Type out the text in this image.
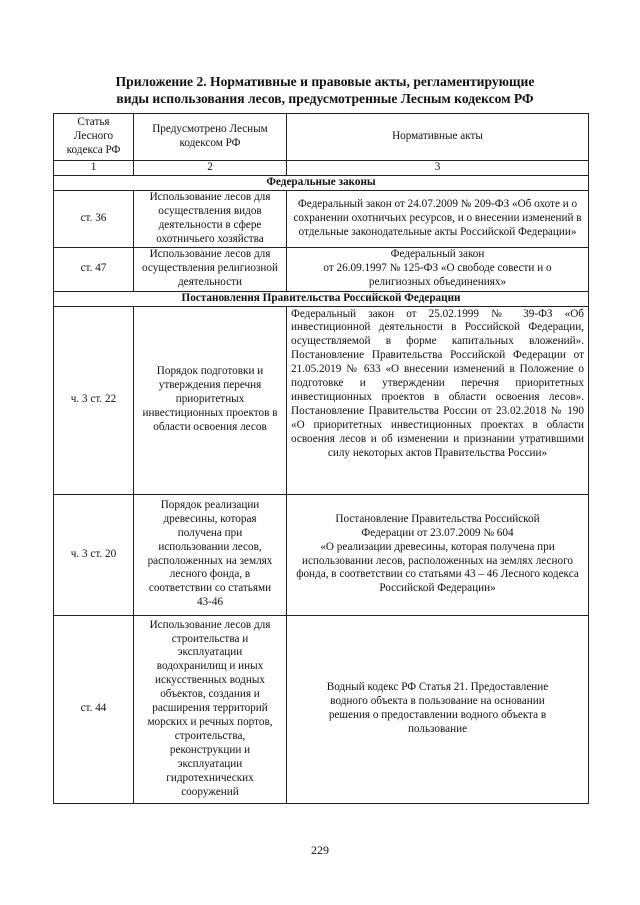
Приложение 2. Нормативные и правовые акты, регламентирующие
виды использования лесов, предусмотренные Лесным кодексом РФ
Статья Лесного кодекса РФ	Предусмотрено Лесным кодексом РФ	Нормативные акты
1	2	3
Федеральные законы		
ст. 36	Использование лесов для осуществления видов деятельности в сфере охотничьего хозяйства	Федеральный закон от 24.07.2009 № 209-ФЗ «Об охоте и о сохранении охотничьих ресурсов, и о внесении изменений в отдельные законодательные акты Российской Федерации»
ст. 47	Использование лесов для осуществления религиозной деятельности	Федеральный закон
от 26.09.1997 № 125-ФЗ «О свободе совести и о религиозных объединениях»

Постановления Правительства Российской Федерации		
ч. 3 ст. 22	Порядок подготовки и утверждения перечня приоритетных инвестиционных проектов в области освоения лесов	Федеральный закон от 25.02.1999 № 39-ФЗ «Об инвестиционной деятельности в Российской Федерации, осуществляемой в форме капитальных вложений». Постановление Правительства Российской Федерации от 21.05.2019 № 633 «О внесении изменений в Положение о подготовке и утверждении перечня приоритетных инвестиционных проектов в области освоения лесов». Постановление Правительства России от 23.02.2018 № 190 «О приоритетных инвестиционных проектах в области освоения лесов и об изменении и признании утратившими силу некоторых актов Правительства России»
ч. 3 ст. 20	Порядок реализации древесины, которая получена при использовании лесов, расположенных на землях лесного фонда, в соответствии со статьями 43-46	Постановление Правительства Российской Федерации от 23.07.2009 № 604
«О реализации древесины, которая получена при использовании лесов, расположенных на землях лесного фонда, в соответствии со статьями 43 – 46 Лесного кодекса Российской Федерации»

ст. 44	Использование лесов для строительства и эксплуатации водохранилищ и иных искусственных водных объектов, создания и расширения территорий морских и речных портов, строительства, реконструкции и эксплуатации гидротехнических сооружений	Водный кодекс РФ Статья 21. Предоставление водного объекта в пользование на основании решения о предоставлении водного объекта в пользование
229
